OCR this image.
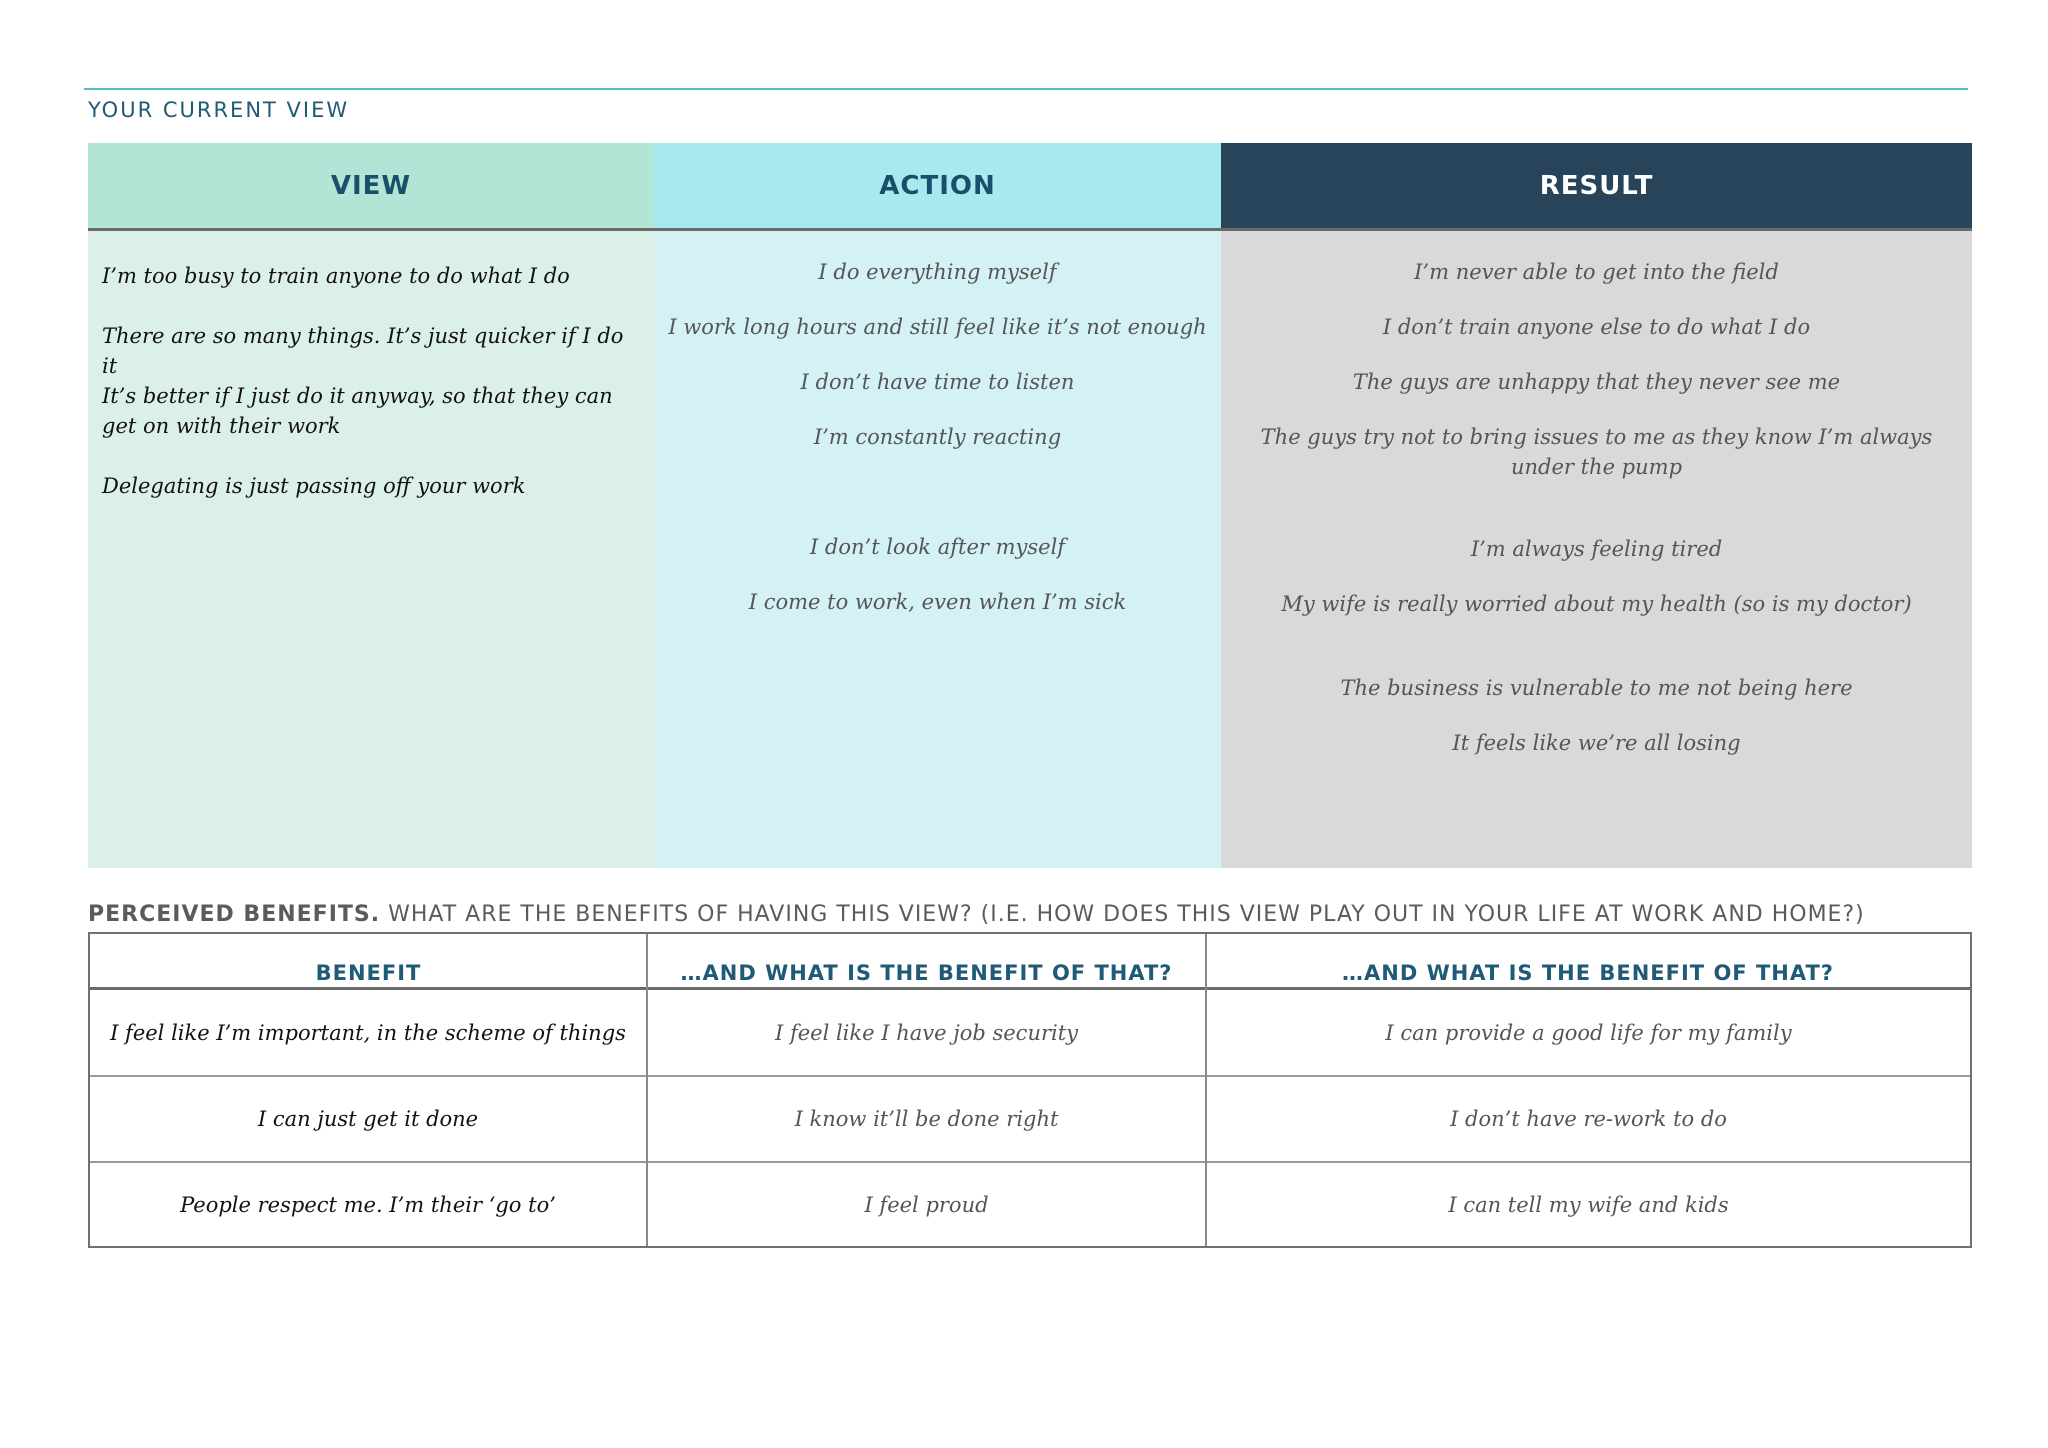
YOUR CURRENT VIEW
VIEW
I’m too busy to train anyone to do what I do
There are so many things. It’s just quicker if I do it
It’s better if I just do it anyway, so that they can get on with their work
Delegating is just passing off your work
ACTION
I do everything myself
I work long hours and still feel like it’s not enough
I don’t have time to listen
I’m constantly reacting
I don’t look after myself
I come to work, even when I’m sick
RESULT
I’m never able to get into the field
I don’t train anyone else to do what I do
The guys are unhappy that they never see me
The guys try not to bring issues to me as they know I’m always under the pump
I’m always feeling tired
My wife is really worried about my health (so is my doctor)
The business is vulnerable to me not being here
It feels like we’re all losing
PERCEIVED BENEFITS. WHAT ARE THE BENEFITS OF HAVING THIS VIEW? (I.E. HOW DOES THIS VIEW PLAY OUT IN YOUR LIFE AT WORK AND HOME?)
BENEFIT	…AND WHAT IS THE BENEFIT OF THAT?	…AND WHAT IS THE BENEFIT OF THAT?
I feel like I’m important, in the scheme of things	I feel like I have job security	I can provide a good life for my family
I can just get it done	I know it’ll be done right	I don’t have re-work to do
People respect me. I’m their ‘go to’	I feel proud	I can tell my wife and kids
